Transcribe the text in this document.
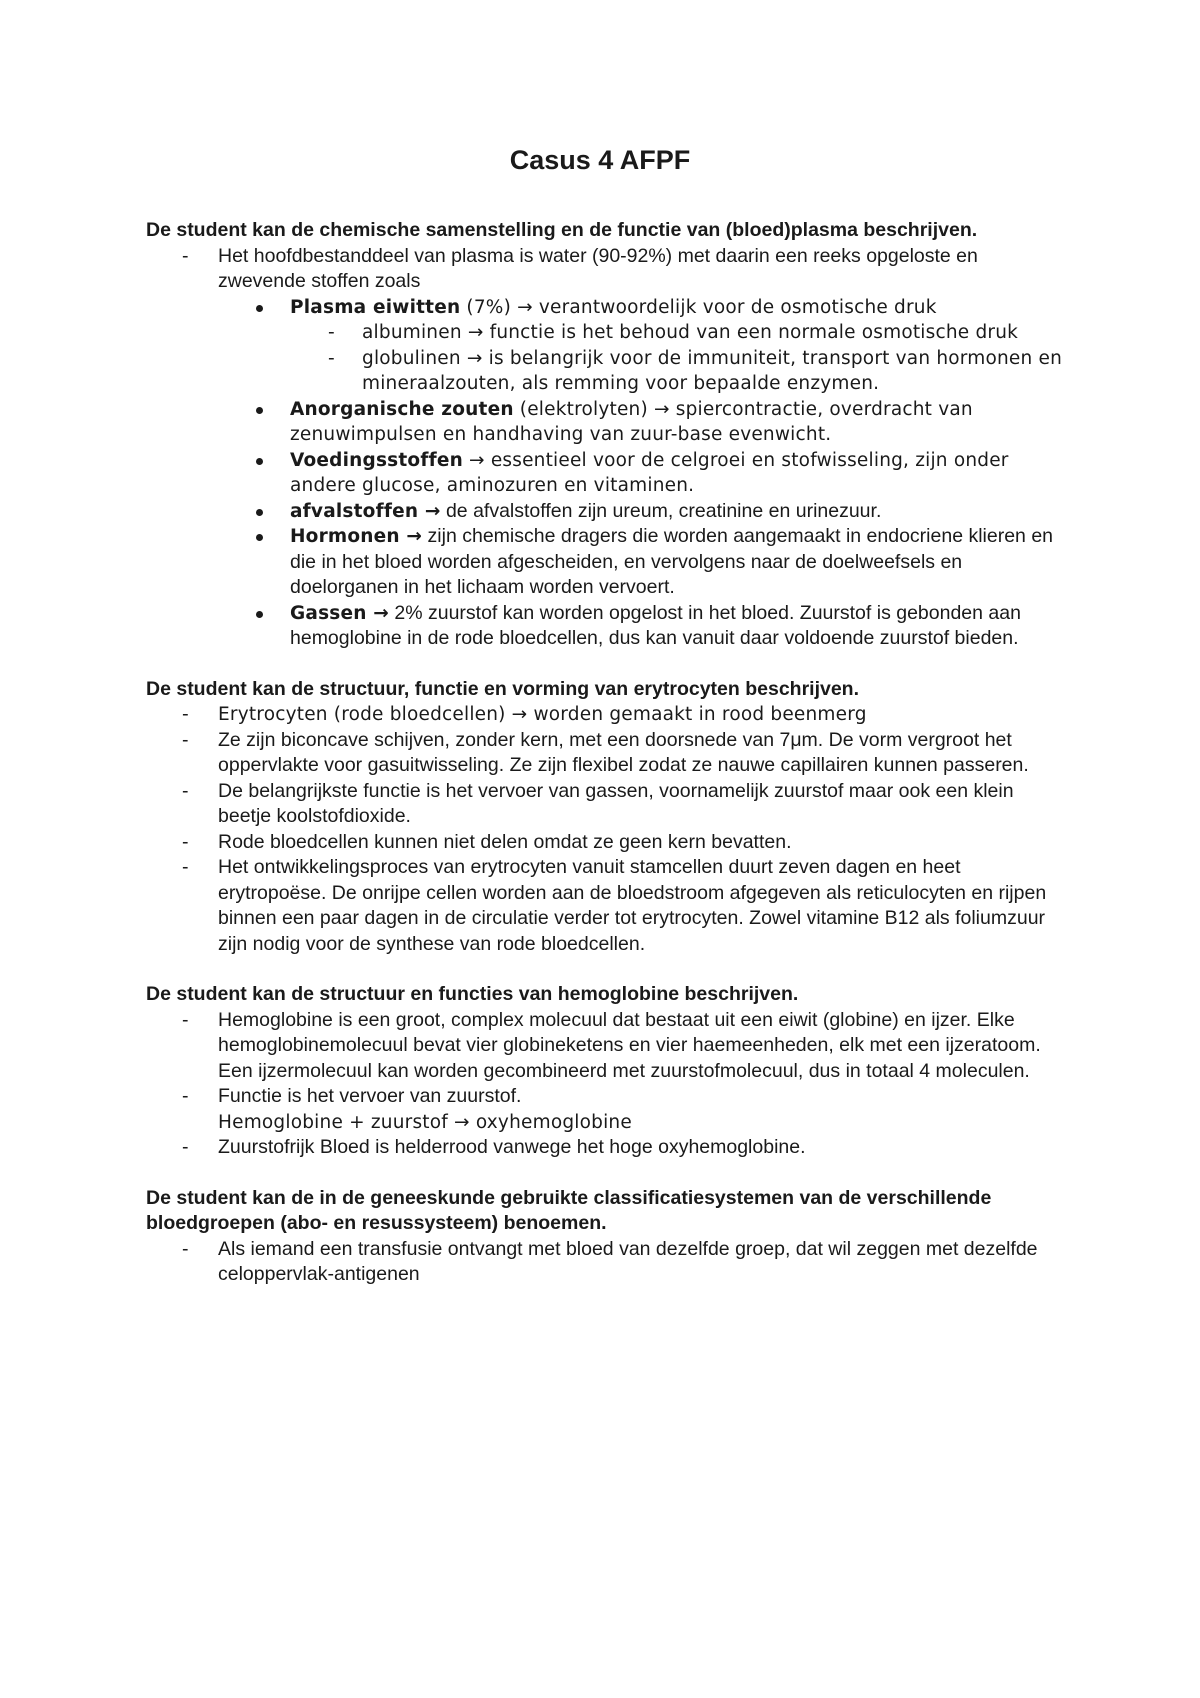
Casus 4 AFPF

De student kan de chemische samenstelling en de functie van (bloed)plasma beschrijven.

- Het hoofdbestanddeel van plasma is water (90-92%) met daarin een reeks opgeloste en zwevende stoffen zoals
Plasma eiwitten (7%) → verantwoordelijk voor de osmotische druk
- albuminen → functie is het behoud van een normale osmotische druk
- globulinen → is belangrijk voor de immuniteit, transport van hormonen en mineraalzouten, als remming voor bepaalde enzymen.
Anorganische zouten (elektrolyten) → spiercontractie, overdracht van zenuwimpulsen en handhaving van zuur-base evenwicht.
Voedingsstoffen → essentieel voor de celgroei en stofwisseling, zijn onder andere glucose, aminozuren en vitaminen.
afvalstoffen → de afvalstoffen zijn ureum, creatinine en urinezuur.
Hormonen → zijn chemische dragers die worden aangemaakt in endocriene klieren en die in het bloed worden afgescheiden, en vervolgens naar de doelweefsels en doelorganen in het lichaam worden vervoert.
Gassen → 2% zuurstof kan worden opgelost in het bloed. Zuurstof is gebonden aan hemoglobine in de rode bloedcellen, dus kan vanuit daar voldoende zuurstof bieden.

De student kan de structuur, functie en vorming van erytrocyten beschrijven.

- Erytrocyten (rode bloedcellen) → worden gemaakt in rood beenmerg
- Ze zijn biconcave schijven, zonder kern, met een doorsnede van 7μm. De vorm vergroot het oppervlakte voor gasuitwisseling. Ze zijn flexibel zodat ze nauwe capillairen kunnen passeren.
- De belangrijkste functie is het vervoer van gassen, voornamelijk zuurstof maar ook een klein beetje koolstofdioxide.
- Rode bloedcellen kunnen niet delen omdat ze geen kern bevatten.
- Het ontwikkelingsproces van erytrocyten vanuit stamcellen duurt zeven dagen en heet erytropoëse. De onrijpe cellen worden aan de bloedstroom afgegeven als reticulocyten en rijpen binnen een paar dagen in de circulatie verder tot erytrocyten. Zowel vitamine B12 als foliumzuur zijn nodig voor de synthese van rode bloedcellen.

De student kan de structuur en functies van hemoglobine beschrijven.

- Hemoglobine is een groot, complex molecuul dat bestaat uit een eiwit (globine) en ijzer. Elke hemoglobinemolecuul bevat vier globineketens en vier haemeenheden, elk met een ijzeratoom. Een ijzermolecuul kan worden gecombineerd met zuurstofmolecuul, dus in totaal 4 moleculen.
- Functie is het vervoer van zuurstof.
Hemoglobine + zuurstof → oxyhemoglobine
- Zuurstofrijk Bloed is helderrood vanwege het hoge oxyhemoglobine.

De student kan de in de geneeskunde gebruikte classificatiesystemen van de verschillende bloedgroepen (abo- en resussysteem) benoemen.

- Als iemand een transfusie ontvangt met bloed van dezelfde groep, dat wil zeggen met dezelfde celoppervlak-antigenen
